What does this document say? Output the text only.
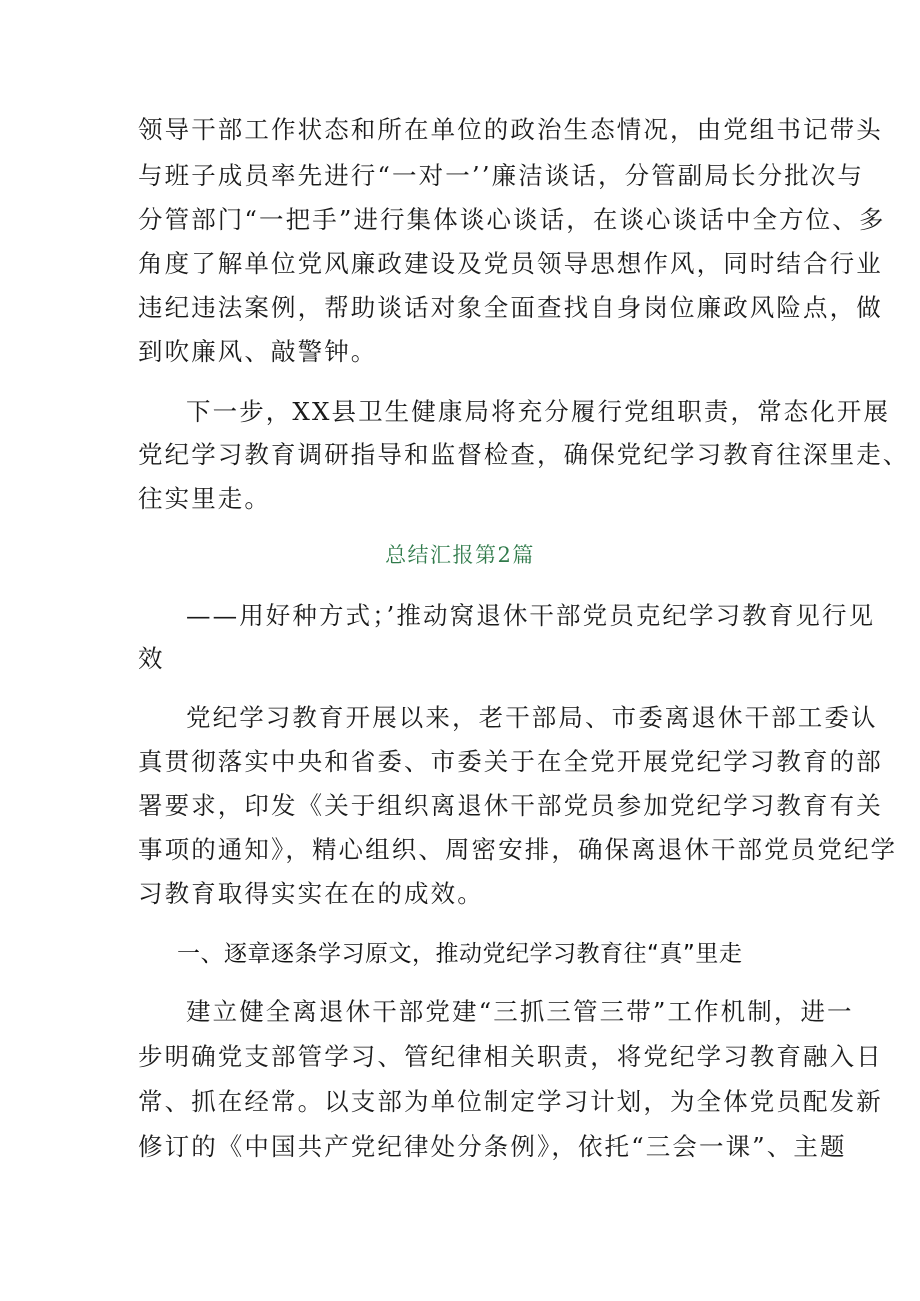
领导干部工作状态和所在单位的政治生态情况，由党组书记带头
与班子成员率先进行“一对一’’廉洁谈话，分管副局长分批次与
分管部门“一把手”进行集体谈心谈话，在谈心谈话中全方位、多
角度了解单位党风廉政建设及党员领导思想作风，同时结合行业
违纪违法案例，帮助谈话对象全面查找自身岗位廉政风险点，做
到吹廉风、敲警钟。
下一步，XX县卫生健康局将充分履行党组职责，常态化开展
党纪学习教育调研指导和监督检查，确保党纪学习教育往深里走、
往实里走。
总结汇报第2篇
——用好种方式；’推动窝退休干部党员克纪学习教育见行见
效
党纪学习教育开展以来，老干部局、市委离退休干部工委认
真贯彻落实中央和省委、市委关于在全党开展党纪学习教育的部
署要求，印发《关于组织离退休干部党员参加党纪学习教育有关
事项的通知》，精心组织、周密安排，确保离退休干部党员党纪学
习教育取得实实在在的成效。
一、逐章逐条学习原文，推动党纪学习教育往“真”里走
建立健全离退休干部党建“三抓三管三带”工作机制，进一
步明确党支部管学习、管纪律相关职责，将党纪学习教育融入日
常、抓在经常。以支部为单位制定学习计划，为全体党员配发新
修订的《中国共产党纪律处分条例》，依托“三会一课”、主题
